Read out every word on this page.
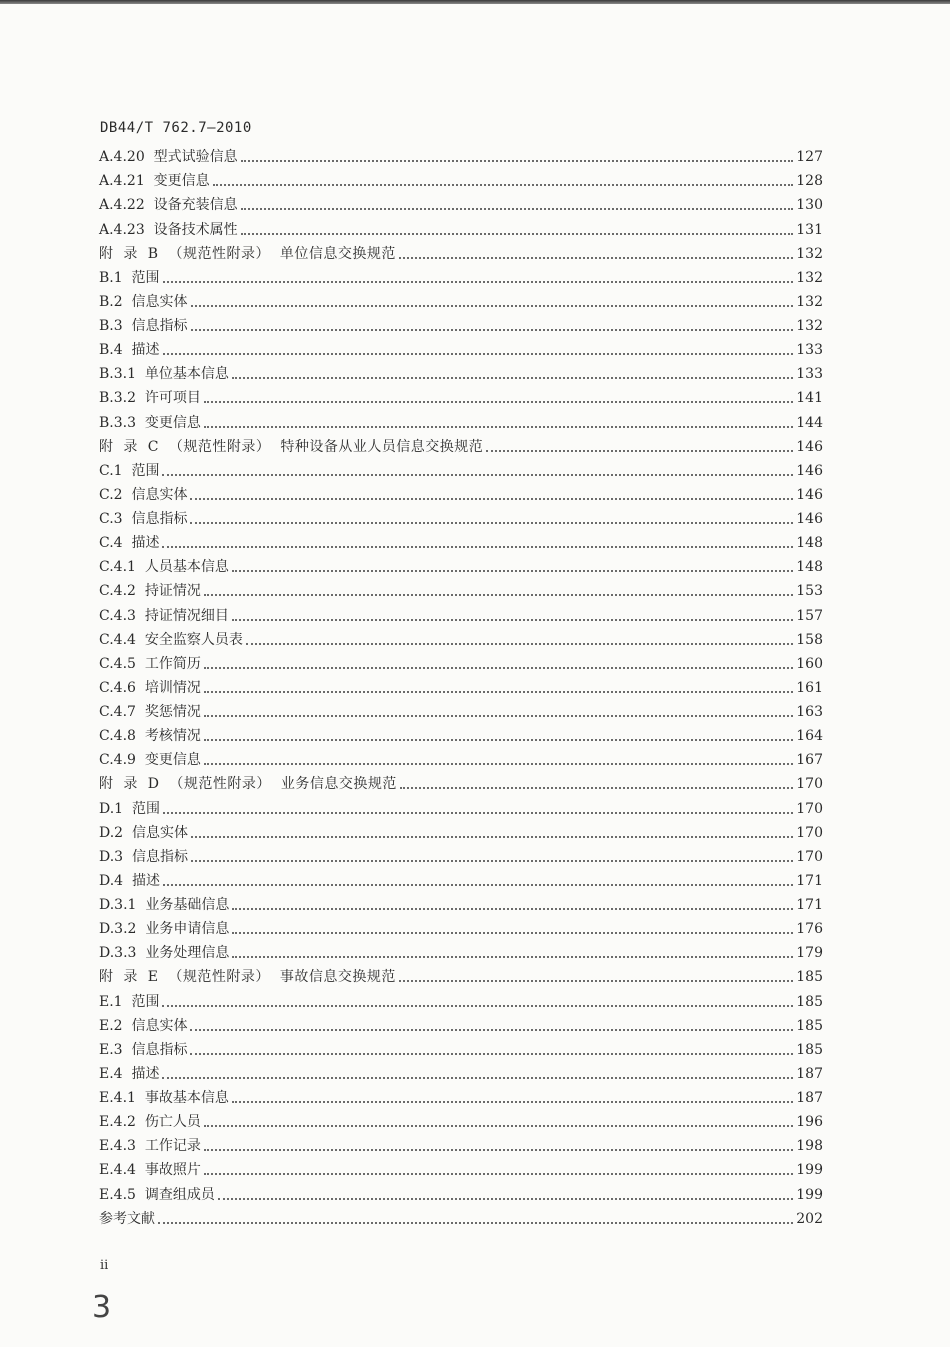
DB44/T 762.7—2010
A.4.20  型式试验信息	127
A.4.21  变更信息	128
A.4.22  设备充装信息	130
A.4.23  设备技术属性	131
附  录  B  （规范性附录）  单位信息交换规范	132
B.1  范围	132
B.2  信息实体	132
B.3  信息指标	132
B.4  描述	133
B.3.1  单位基本信息	133
B.3.2  许可项目	141
B.3.3  变更信息	144
附  录  C  （规范性附录）  特种设备从业人员信息交换规范	146
C.1  范围	146
C.2  信息实体	146
C.3  信息指标	146
C.4  描述	148
C.4.1  人员基本信息	148
C.4.2  持证情况	153
C.4.3  持证情况细目	157
C.4.4  安全监察人员表	158
C.4.5  工作简历	160
C.4.6  培训情况	161
C.4.7  奖惩情况	163
C.4.8  考核情况	164
C.4.9  变更信息	167
附  录  D  （规范性附录）  业务信息交换规范	170
D.1  范围	170
D.2  信息实体	170
D.3  信息指标	170
D.4  描述	171
D.3.1  业务基础信息	171
D.3.2  业务申请信息	176
D.3.3  业务处理信息	179
附  录  E  （规范性附录）  事故信息交换规范	185
E.1  范围	185
E.2  信息实体	185
E.3  信息指标	185
E.4  描述	187
E.4.1  事故基本信息	187
E.4.2  伤亡人员	196
E.4.3  工作记录	198
E.4.4  事故照片	199
E.4.5  调查组成员	199
参考文献	202
ii
3
